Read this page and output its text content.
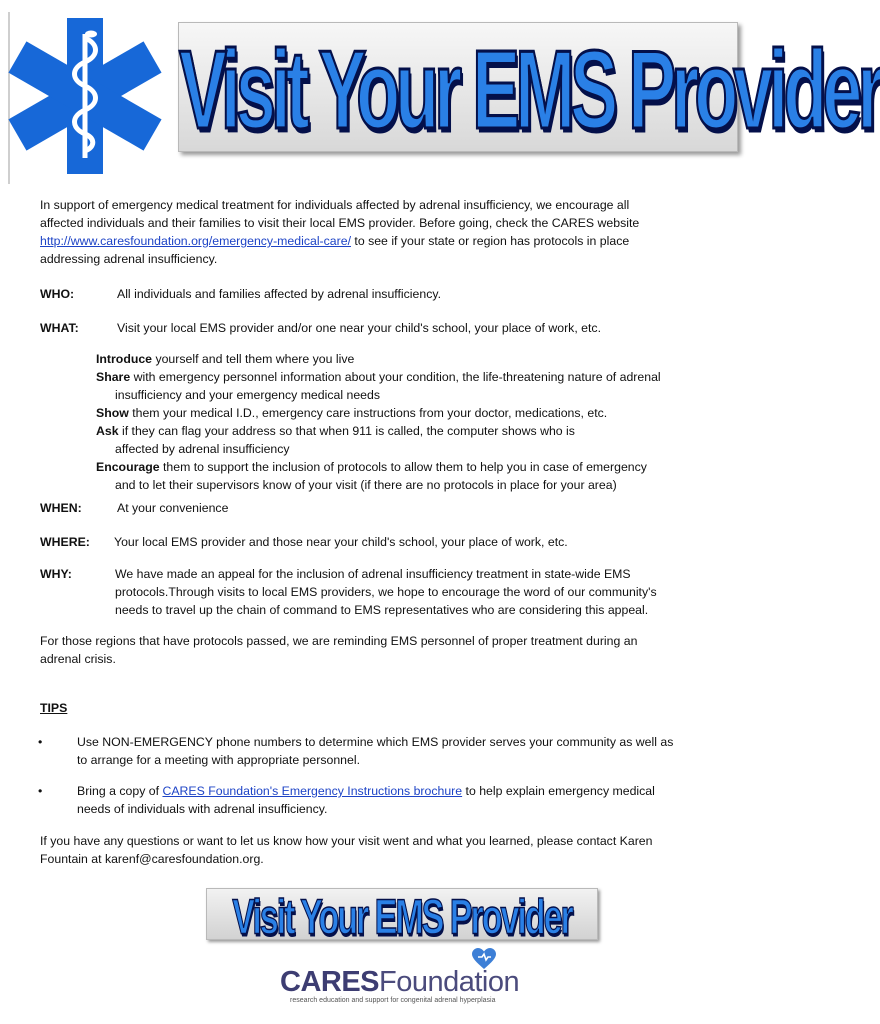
Visit Your EMS Provider
In support of emergency medical treatment for individuals affected by adrenal insufficiency, we encourage all
affected individuals and their families to visit their local EMS provider. Before going, check the CARES website
http://www.caresfoundation.org/emergency-medical-care/ to see if your state or region has protocols in place
addressing adrenal insufficiency.
WHO:	All individuals and families affected by adrenal insufficiency.
WHAT:	Visit your local EMS provider and/or one near your child's school, your place of work, etc.
Introduce yourself and tell them where you live
Share with emergency personnel information about your condition, the life-threatening nature of adrenal
insufficiency and your emergency medical needs
Show them your medical I.D., emergency care instructions from your doctor, medications, etc.
Ask if they can flag your address so that when 911 is called, the computer shows who is
affected by adrenal insufficiency
Encourage them to support the inclusion of protocols to allow them to help you in case of emergency
and to let their supervisors know of your visit (if there are no protocols in place for your area)
WHEN:	At your convenience
WHERE: Your local EMS provider and those near your child's school, your place of work, etc.
WHY:	We have made an appeal for the inclusion of adrenal insufficiency treatment in state-wide EMS
protocols.Through visits to local EMS providers, we hope to encourage the word of our community's
needs to travel up the chain of command to EMS representatives who are considering this appeal.
For those regions that have protocols passed, we are reminding EMS personnel of proper treatment during an
adrenal crisis.
TIPS
•	Use NON-EMERGENCY phone numbers to determine which EMS provider serves your community as well as
to arrange for a meeting with appropriate personnel.
•	Bring a copy of CARES Foundation's Emergency Instructions brochure to help explain emergency medical
needs of individuals with adrenal insufficiency.
If you have any questions or want to let us know how your visit went and what you learned, please contact Karen
Fountain at karenf@caresfoundation.org.
Visit Your EMS Provider
CARESFoundation
research education and support for congenital adrenal hyperplasia
